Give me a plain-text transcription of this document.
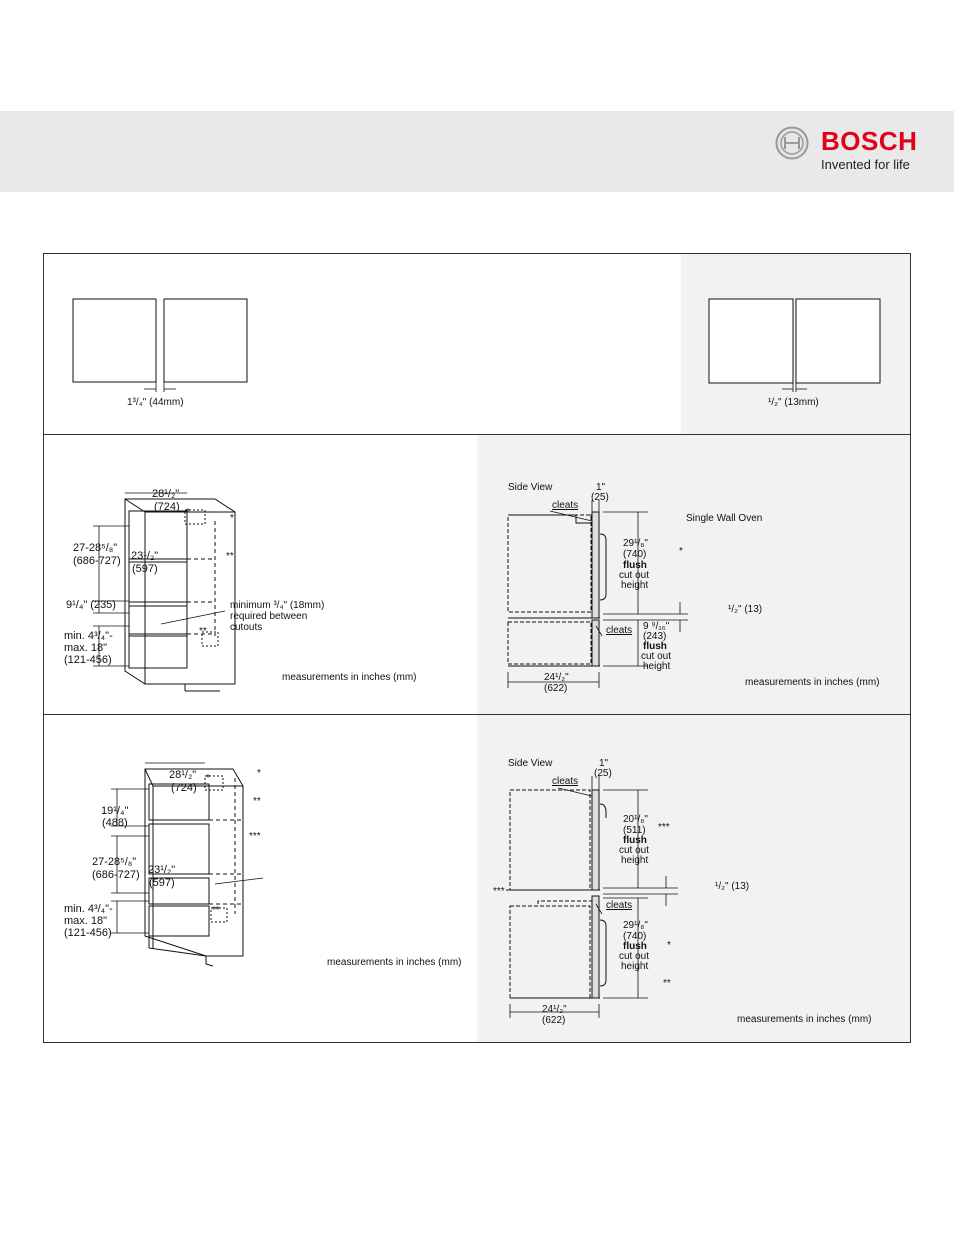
BOSCH
Invented for life
1³/₄" (44mm)	¹/₂" (13mm)
28¹/₂"
(724)
23¹/₂"
(597)
27-28⁵/₈"
(686-727)
9¹/₄" (235)
min. 4³/₄"-
max. 18"
(121-456)
minimum ³/₄" (18mm)
required between
cutouts
*
**
**
*
measurements in inches (mm)
Side View	1"
(25)
cleats
Single Wall Oven
29¹/₈"
(740)
flush
cut out
height
*
¹/₂" (13)
cleats 9 ⁹/₁₆"
(243)
flush
cut out
height
24¹/₂"
(622)
measurements in inches (mm)
28¹/₂"
(724)
19¹/₄"
(488)
23¹/₂"
(597)
27-28⁵/₈"
(686-727)
min. 4³/₄"-
max. 18"
(121-456)
*
**
***
**
*
measurements in inches (mm)
Side View	1"
(25)
cleats
20¹/₈"
(511)
flush
cut out
height
***
¹/₂" (13)
***
cleats
29¹/₈"
(740)
flush
cut out
height
*
**
24¹/₂"
(622)	measurements in inches (mm)
